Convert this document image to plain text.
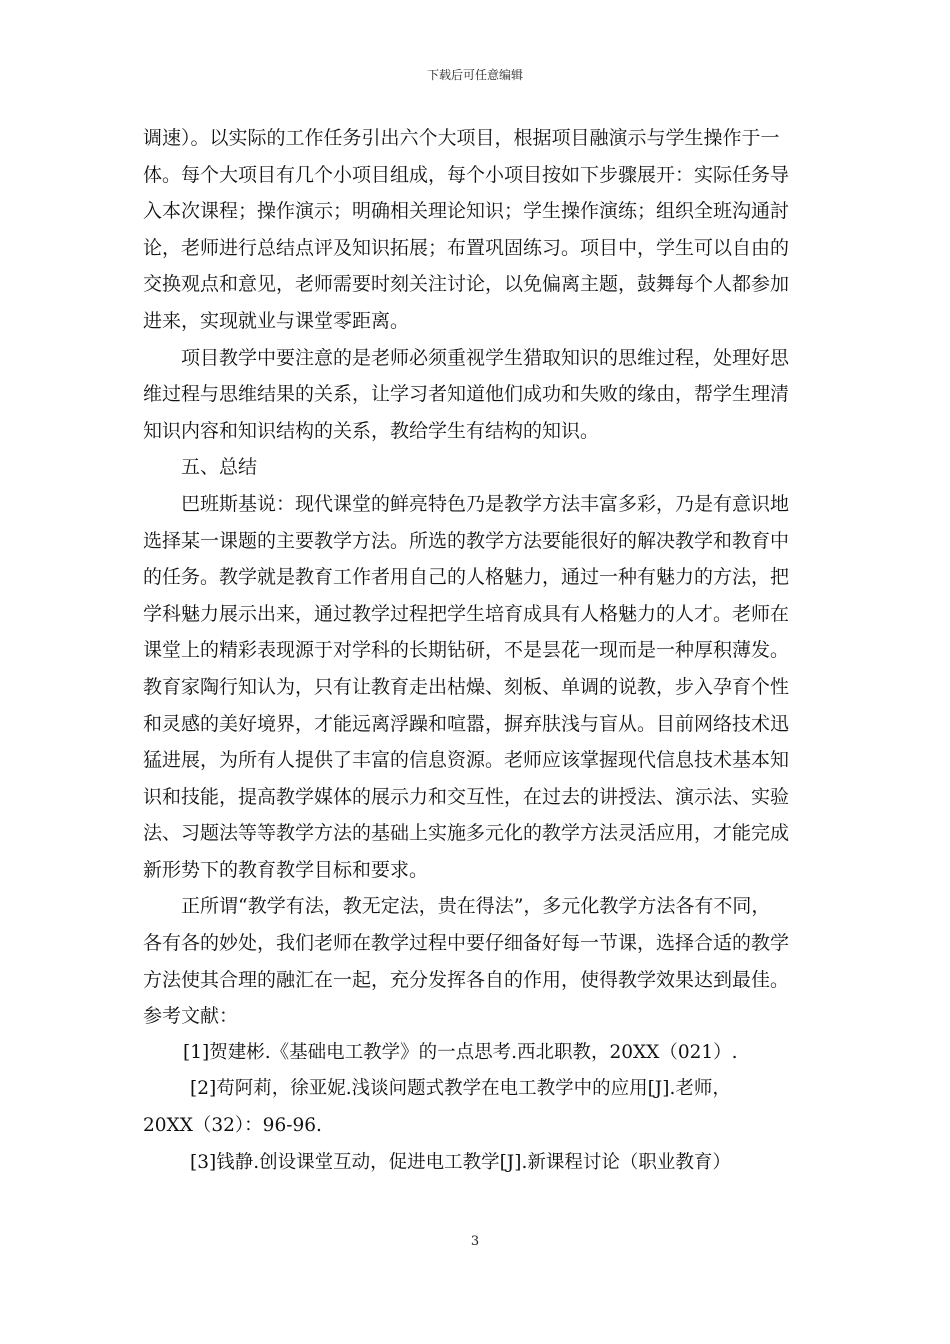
下载后可任意编辑
调速）。以实际的工作任务引出六个大项目，根据项目融演示与学生操作于一
体。每个大项目有几个小项目组成，每个小项目按如下步骤展开：实际任务导
入本次课程；操作演示；明确相关理论知识；学生操作演练；组织全班沟通討
论，老师进行总结点评及知识拓展；布置巩固练习。项目中，学生可以自由的
交换观点和意见，老师需要时刻关注讨论，以免偏离主题，鼓舞每个人都参加
进来，实现就业与课堂零距离。
项目教学中要注意的是老师必须重视学生猎取知识的思维过程，处理好思
维过程与思维结果的关系，让学习者知道他们成功和失败的缘由，帮学生理清
知识内容和知识结构的关系，教给学生有结构的知识。
五、总结
巴班斯基说：现代课堂的鲜亮特色乃是教学方法丰富多彩，乃是有意识地
选择某一课题的主要教学方法。所选的教学方法要能很好的解决教学和教育中
的任务。教学就是教育工作者用自己的人格魅力，通过一种有魅力的方法，把
学科魅力展示出来，通过教学过程把学生培育成具有人格魅力的人才。老师在
课堂上的精彩表现源于对学科的长期钻研，不是昙花一现而是一种厚积薄发。
教育家陶行知认为，只有让教育走出枯燥、刻板、单调的说教，步入孕育个性
和灵感的美好境界，才能远离浮躁和喧嚣，摒弃肤浅与盲从。目前网络技术迅
猛进展，为所有人提供了丰富的信息资源。老师应该掌握现代信息技术基本知
识和技能，提高教学媒体的展示力和交互性，在过去的讲授法、演示法、实验
法、习题法等等教学方法的基础上实施多元化的教学方法灵活应用，才能完成
新形势下的教育教学目标和要求。
正所谓“教学有法，教无定法，贵在得法”，多元化教学方法各有不同，
各有各的妙处，我们老师在教学过程中要仔细备好每一节课，选择合适的教学
方法使其合理的融汇在一起，充分发挥各自的作用，使得教学效果达到最佳。
参考文献：
[1]贺建彬.《基础电工教学》的一点思考.西北职教，20XX（021）.
[2]苟阿莉，徐亚妮.浅谈问题式教学在电工教学中的应用[J].老师，
20XX（32）：96-96.
[3]钱静.创设课堂互动，促进电工教学[J].新课程讨论（职业教育）
3
